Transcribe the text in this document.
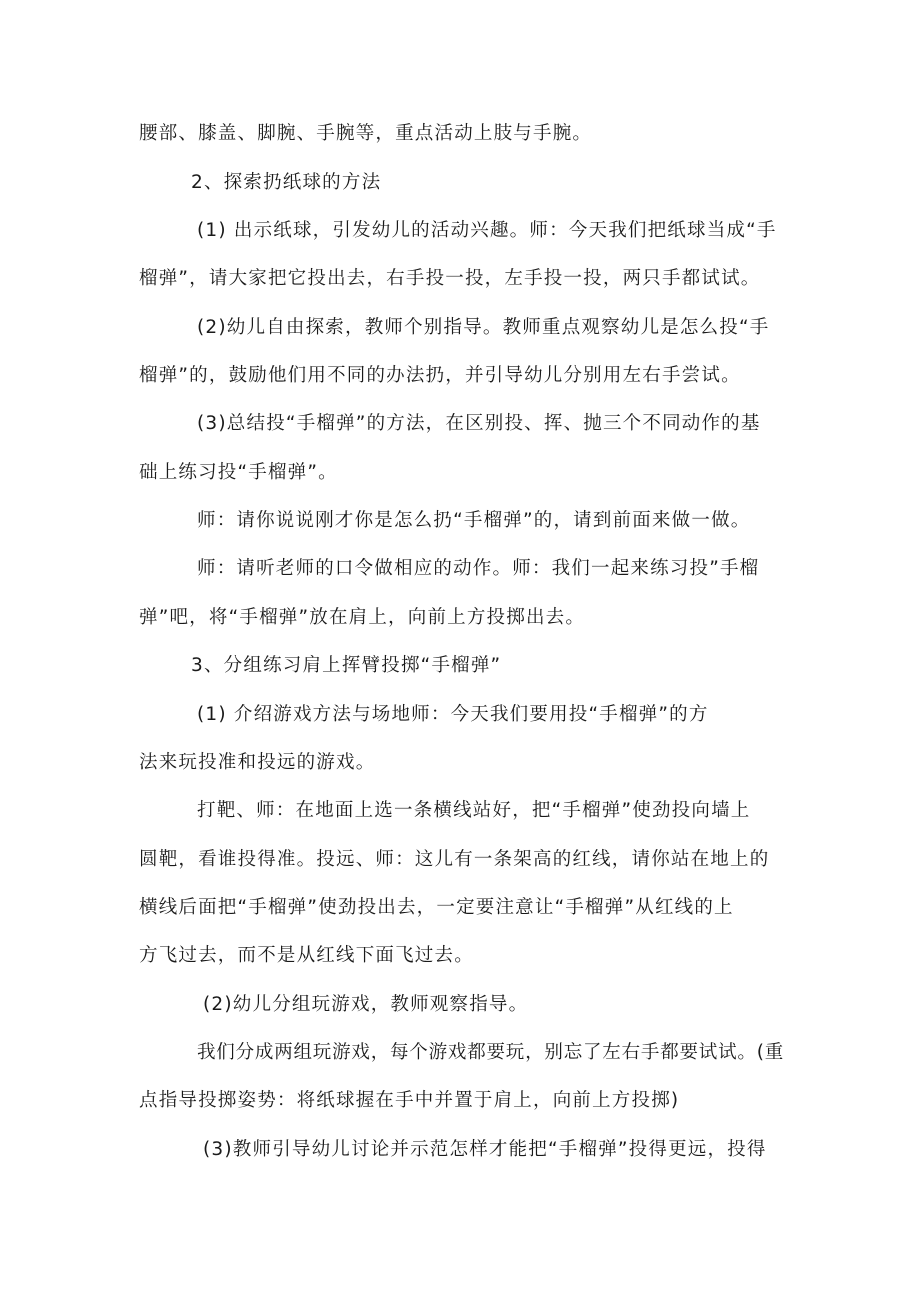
腰部、膝盖、脚腕、手腕等，重点活动上肢与手腕。
2、探索扔纸球的方法
(1) 出示纸球，引发幼儿的活动兴趣。师：今天我们把纸球当成“手
榴弹”，请大家把它投出去，右手投一投，左手投一投，两只手都试试。
(2)幼儿自由探索，教师个别指导。教师重点观察幼儿是怎么投“手
榴弹”的，鼓励他们用不同的办法扔，并引导幼儿分别用左右手尝试。
(3)总结投“手榴弹”的方法，在区别投、挥、抛三个不同动作的基
础上练习投“手榴弹”。
师：请你说说刚才你是怎么扔“手榴弹”的，请到前面来做一做。
师：请听老师的口令做相应的动作。师：我们一起来练习投”手榴
弹”吧，将“手榴弹”放在肩上，向前上方投掷出去。
3、分组练习肩上挥臂投掷“手榴弹”
(1) 介绍游戏方法与场地师：今天我们要用投“手榴弹”的方
法来玩投准和投远的游戏。
打靶、师：在地面上选一条横线站好，把“手榴弹”使劲投向墙上
圆靶，看谁投得准。投远、师：这儿有一条架高的红线，请你站在地上的
横线后面把“手榴弹”使劲投出去，一定要注意让“手榴弹”从红线的上
方飞过去，而不是从红线下面飞过去。
(2)幼儿分组玩游戏，教师观察指导。
我们分成两组玩游戏，每个游戏都要玩，别忘了左右手都要试试。(重
点指导投掷姿势：将纸球握在手中并置于肩上，向前上方投掷)
(3)教师引导幼儿讨论并示范怎样才能把“手榴弹”投得更远，投得
